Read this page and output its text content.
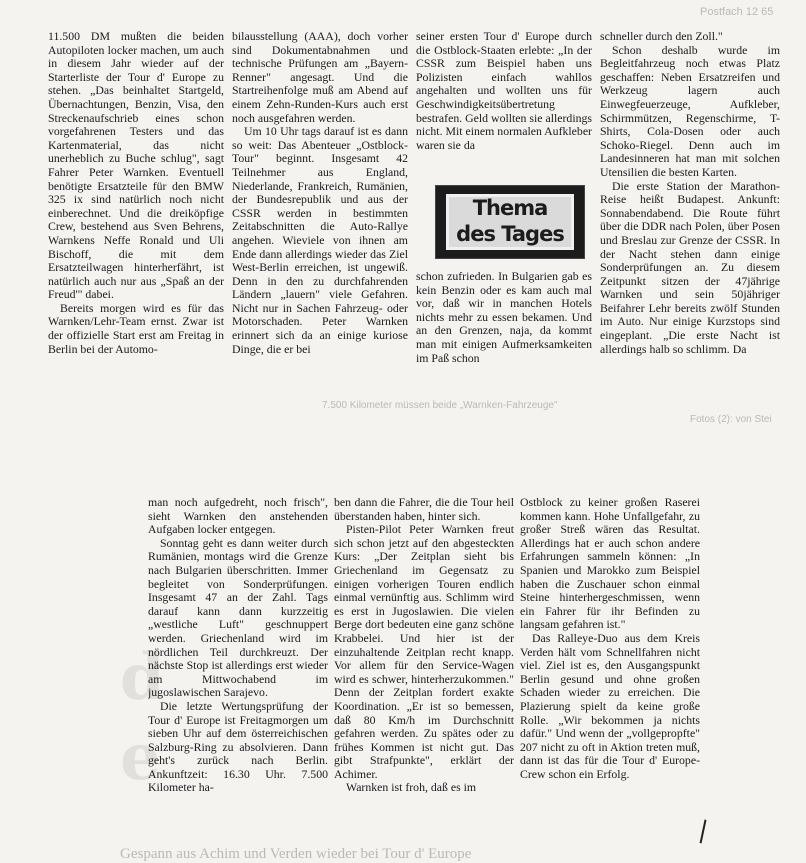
Postfach 12 65
7.500 Kilometer müssen beide „Warnken-Fahrzeuge"
Fotos (2): von Stei
d
e
Gespann aus Achim und Verden wieder bei Tour d' Europe

11.500 DM mußten die beiden Autopiloten locker machen, um auch in diesem Jahr wieder auf der Starterliste der Tour d' Europe zu stehen. „Das beinhaltet Startgeld, Übernachtungen, Benzin, Visa, den Streckenaufschrieb eines schon vorgefahrenen Testers und das Kartenmaterial, das nicht unerheblich zu Buche schlug", sagt Fahrer Peter Warnken. Eventuell benötigte Ersatzteile für den BMW 325 ix sind natürlich noch nicht einberechnet. Und die dreiköpfige Crew, bestehend aus Sven Behrens, Warnkens Neffe Ronald und Uli Bischoff, die mit dem Ersatzteilwagen hinterherfährt, ist natürlich auch nur aus „Spaß an der Freud'" dabei.

Bereits morgen wird es für das Warnken/Lehr-Team ernst. Zwar ist der offizielle Start erst am Freitag in Berlin bei der Automo-

bilausstellung (AAA), doch vorher sind Dokumentabnahmen und technische Prüfungen am „Bayern-Renner" angesagt. Und die Startreihenfolge muß am Abend auf einem Zehn-Runden-Kurs auch erst noch ausgefahren werden.

Um 10 Uhr tags darauf ist es dann so weit: Das Abenteuer „Ostblock-Tour" beginnt. Insgesamt 42 Teilnehmer aus England, Niederlande, Frankreich, Rumänien, der Bundesrepublik und aus der CSSR werden in bestimmten Zeitabschnitten die Auto-Rallye angehen. Wieviele von ihnen am Ende dann allerdings wieder das Ziel West-Berlin erreichen, ist ungewiß. Denn in den zu durchfahrenden Ländern „lauern" viele Gefahren. Nicht nur in Sachen Fahrzeug- oder Motorschaden. Peter Warnken erinnert sich da an einige kuriose Dinge, die er bei

seiner ersten Tour d' Europe durch die Ostblock-Staaten erlebte: „In der CSSR zum Beispiel haben uns Polizisten einfach wahllos angehalten und wollten uns für Geschwindigkeitsübertretung bestrafen. Geld wollten sie allerdings nicht. Mit einem normalen Aufkleber waren sie da

Thema
des Tages

schon zufrieden. In Bulgarien gab es kein Benzin oder es kam auch mal vor, daß wir in manchen Hotels nichts mehr zu essen bekamen. Und an den Grenzen, naja, da kommt man mit einigen Aufmerksamkeiten im Paß schon

schneller durch den Zoll."

Schon deshalb wurde im Begleitfahrzeug noch etwas Platz geschaffen: Neben Ersatzreifen und Werkzeug lagern auch Einwegfeuerzeuge, Aufkleber, Schirmmützen, Regenschirme, T-Shirts, Cola-Dosen oder auch Schoko-Riegel. Denn auch im Landesinneren hat man mit solchen Utensilien die besten Karten.

Die erste Station der Marathon-Reise heißt Budapest. Ankunft: Sonnabendabend. Die Route führt über die DDR nach Polen, über Posen und Breslau zur Grenze der CSSR. In der Nacht stehen dann einige Sonderprüfungen an. Zu diesem Zeitpunkt sitzen der 47jährige Warnken und sein 50jähriger Beifahrer Lehr bereits zwölf Stunden im Auto. Nur einige Kurzstops sind eingeplant. „Die erste Nacht ist allerdings halb so schlimm. Da

man noch aufgedreht, noch frisch", sieht Warnken den anstehenden Aufgaben locker entgegen.

Sonntag geht es dann weiter durch Rumänien, montags wird die Grenze nach Bulgarien überschritten. Immer begleitet von Sonderprüfungen. Insgesamt 47 an der Zahl. Tags darauf kann dann kurzzeitig „westliche Luft" geschnuppert werden. Griechenland wird im nördlichen Teil durchkreuzt. Der nächste Stop ist allerdings erst wieder am Mittwochabend im jugoslawischen Sarajevo.

Die letzte Wertungsprüfung der Tour d' Europe ist Freitagmorgen um sieben Uhr auf dem österreichischen Salzburg-Ring zu absolvieren. Dann geht's zurück nach Berlin. Ankunftzeit: 16.30 Uhr. 7.500 Kilometer ha-

ben dann die Fahrer, die die Tour heil überstanden haben, hinter sich.

Pisten-Pilot Peter Warnken freut sich schon jetzt auf den abgesteckten Kurs: „Der Zeitplan sieht bis Griechenland im Gegensatz zu einigen vorherigen Touren endlich einmal vernünftig aus. Schlimm wird es erst in Jugoslawien. Die vielen Berge dort bedeuten eine ganz schöne Krabbelei. Und hier ist der einzuhaltende Zeitplan recht knapp. Vor allem für den Service-Wagen wird es schwer, hinterherzukommen." Denn der Zeitplan fordert exakte Koordination. „Er ist so bemessen, daß 80 Km/h im Durchschnitt gefahren werden. Zu spätes oder zu frühes Kommen ist nicht gut. Das gibt Strafpunkte", erklärt der Achimer.

Warnken ist froh, daß es im

Ostblock zu keiner großen Raserei kommen kann. Hohe Unfallgefahr, zu großer Streß wären das Resultat. Allerdings hat er auch schon andere Erfahrungen sammeln können: „In Spanien und Marokko zum Beispiel haben die Zuschauer schon einmal Steine hinterhergeschmissen, wenn ein Fahrer für ihr Befinden zu langsam gefahren ist."

Das Ralleye-Duo aus dem Kreis Verden hält vom Schnellfahren nicht viel. Ziel ist es, den Ausgangspunkt Berlin gesund und ohne großen Schaden wieder zu erreichen. Die Plazierung spielt da keine große Rolle. „Wir bekommen ja nichts dafür." Und wenn der „vollgepropfte" 207 nicht zu oft in Aktion treten muß, dann ist das für die Tour d' Europe-Crew schon ein Erfolg.
